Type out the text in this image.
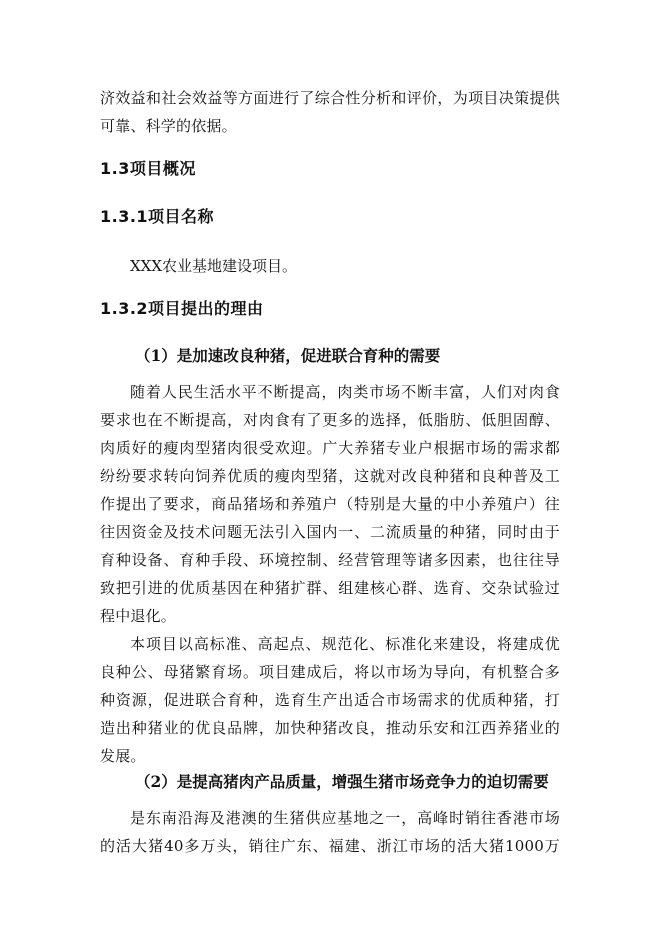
济效益和社会效益等方面进行了综合性分析和评价，为项目决策提供
可靠、科学的依据。
1.3项目概况
1.3.1项目名称
XXX农业基地建设项目。
1.3.2项目提出的理由
（1）是加速改良种猪，促进联合育种的需要
随着人民生活水平不断提高，肉类市场不断丰富，人们对肉食
要求也在不断提高，对肉食有了更多的选择，低脂肪、低胆固醇、
肉质好的瘦肉型猪肉很受欢迎。广大养猪专业户根据市场的需求都
纷纷要求转向饲养优质的瘦肉型猪，这就对改良种猪和良种普及工
作提出了要求，商品猪场和养殖户（特别是大量的中小养殖户）往
往因资金及技术问题无法引入国内一、二流质量的种猪，同时由于
育种设备、育种手段、环境控制、经营管理等诸多因素，也往往导
致把引进的优质基因在种猪扩群、组建核心群、选育、交杂试验过
程中退化。
本项目以高标准、高起点、规范化、标准化来建设，将建成优
良种公、母猪繁育场。项目建成后，将以市场为导向，有机整合多
种资源，促进联合育种，选育生产出适合市场需求的优质种猪，打
造出种猪业的优良品牌，加快种猪改良，推动乐安和江西养猪业的
发展。
（2）是提高猪肉产品质量，增强生猪市场竞争力的迫切需要
是东南沿海及港澳的生猪供应基地之一，高峰时销往香港市场
的活大猪40多万头，销往广东、福建、浙江市场的活大猪1000万
